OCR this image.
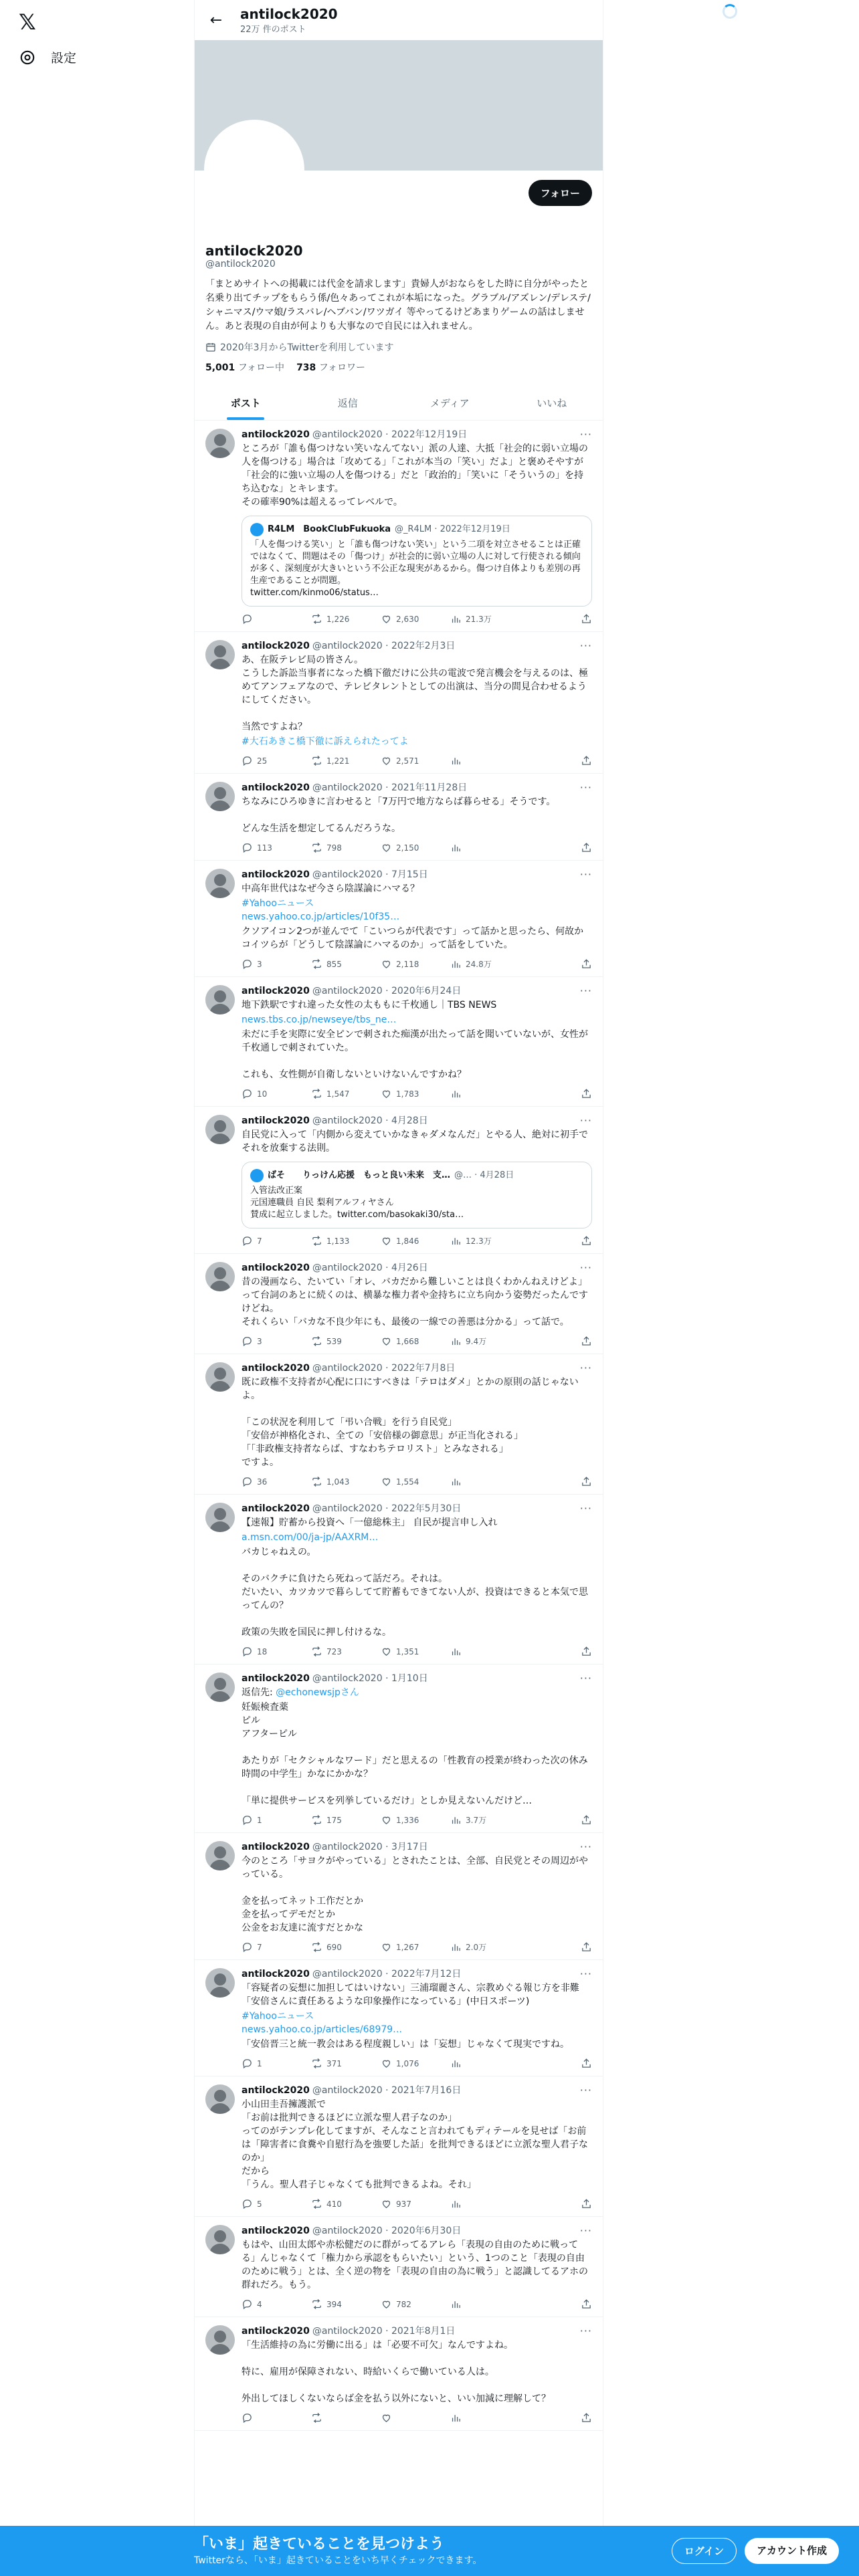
𝕏
設定
←	antilock2020
22万 件のポスト
フォロー
antilock2020
@antilock2020
「まとめサイトへの掲載には代金を請求します」貴婦人がおならをした時に自分がやったと名乗り出てチップをもらう係/色々あってこれが本垢になった。グラブル/アズレン/デレステ/シャニマス/ウマ娘/ラスバレ/ヘブバン/ワツガイ 等やってるけどあまりゲームの話はしません。あと表現の自由が何よりも大事なので自民には入れません。
2020年3月からTwitterを利用しています
5,001 フォロー中 738 フォロワー
ポスト	返信	メディア	いいね
antilock2020 @antilock2020 · 2022年12月19日	···
ところが「誰も傷つけない笑いなんてない」派の人達、大抵「社会的に弱い立場の人を傷つける」場合は「攻めてる」「これが本当の「笑い」だよ」と褒めそやすが「社会的に強い立場の人を傷つける」だと「政治的」「笑いに「そういうの」を持ち込むな」とキレます。
その確率90%は超えるってレベルで。
R4LM　BookClubFukuoka @_R4LM · 2022年12月19日
「人を傷つける笑い」と「誰も傷つけない笑い」という二項を対立させることは正確ではなくて、問題はその「傷つけ」が社会的に弱い立場の人に対して行使される傾向が多く、深刻度が大きいという不公正な現実があるから。傷つけ自体よりも差別の再生産であることが問題。
twitter.com/kinmo06/status…
1,226	2,630	21.3万
antilock2020 @antilock2020 · 2022年2月3日	···
あ、在阪テレビ局の皆さん。
こうした訴訟当事者になった橋下徹だけに公共の電波で発言機会を与えるのは、極めてアンフェアなので、テレビタレントとしての出演は、当分の間見合わせるようにしてください。

当然ですよね？
#大石あきこ橋下徹に訴えられたってよ
25	1,221	2,571
antilock2020 @antilock2020 · 2021年11月28日	···
ちなみにひろゆきに言わせると「7万円で地方ならば暮らせる」そうです。

どんな生活を想定してるんだろうな。
113	798	2,150
antilock2020 @antilock2020 · 7月15日	···
中高年世代はなぜ今さら陰謀論にハマる？
#Yahooニュース
news.yahoo.co.jp/articles/10f35…
クソアイコン2つが並んでて「こいつらが代表です」って話かと思ったら、何故かコイツらが「どうして陰謀論にハマるのか」って話をしていた。
3	855	2,118	24.8万
antilock2020 @antilock2020 · 2020年6月24日	···
地下鉄駅ですれ違った女性の太ももに千枚通し｜TBS NEWS
news.tbs.co.jp/newseye/tbs_ne…
未だに手を実際に安全ピンで刺された痴漢が出たって話を聞いていないが、女性が千枚通しで刺されていた。

これも、女性側が自衛しないといけないんですかね？
10	1,547	1,783
antilock2020 @antilock2020 · 4月28日	···
自民党に入って「内側から変えていかなきゃダメなんだ」とやる人、絶対に初手でそれを放棄する法則。
ばそ　　りっけん応援　もっと良い未来　支… @… · 4月28日
入管法改正案
元国連職員 自民 梨利アルフィヤさん
賛成に起立しました。twitter.com/basokaki30/sta…
7	1,133	1,846	12.3万
antilock2020 @antilock2020 · 4月26日	···
昔の漫画なら、たいてい「オレ、バカだから難しいことは良くわかんねえけどよ」って台詞のあとに続くのは、横暴な権力者や金持ちに立ち向かう姿勢だったんですけどね。
それくらい「バカな不良少年にも、最後の一線での善悪は分かる」って話で。
3	539	1,668	9.4万
antilock2020 @antilock2020 · 2022年7月8日	···
既に政権不支持者が心配に口にすべきは「テロはダメ」とかの原則の話じゃないよ。

「この状況を利用して「弔い合戦」を行う自民党」
「安倍が神格化され、全ての「安倍様の御意思」が正当化される」
「「非政権支持者ならば、すなわちテロリスト」とみなされる」
ですよ。
36	1,043	1,554
antilock2020 @antilock2020 · 2022年5月30日	···
【速報】貯蓄から投資へ「一億総株主」 自民が提言申し入れ
a.msn.com/00/ja-jp/AAXRM…
バカじゃねえの。

そのバクチに負けたら死ねって話だろ。それは。
だいたい、カツカツで暮らしてて貯蓄もできてない人が、投資はできると本気で思ってんの？

政策の失敗を国民に押し付けるな。
18	723	1,351
antilock2020 @antilock2020 · 1月10日	···
返信先: @echonewsjpさん
妊娠検査薬
ピル
アフターピル

あたりが「セクシャルなワード」だと思えるの「性教育の授業が終わった次の休み時間の中学生」かなにかかな？

「単に提供サービスを列挙しているだけ」としか見えないんだけど…
1	175	1,336	3.7万
antilock2020 @antilock2020 · 3月17日	···
今のところ「サヨクがやっている」とされたことは、全部、自民党とその周辺がやっている。

金を払ってネット工作だとか
金を払ってデモだとか
公金をお友達に流すだとかな
7	690	1,267	2.0万
antilock2020 @antilock2020 · 2022年7月12日	···
「容疑者の妄想に加担してはいけない」三浦瑠麗さん、宗教めぐる報じ方を非難「安倍さんに責任あるような印象操作になっている」(中日スポーツ)
#Yahooニュース
news.yahoo.co.jp/articles/68979…
「安倍晋三と統一教会はある程度親しい」は「妄想」じゃなくて現実ですね。
1	371	1,076
antilock2020 @antilock2020 · 2021年7月16日	···
小山田圭吾擁護派で
「お前は批判できるほどに立派な聖人君子なのか」
ってのがテンプレ化してますが、そんなこと言われてもディテールを見せば「お前は「障害者に食糞や自慰行為を強要した話」を批判できるほどに立派な聖人君子なのか」
だから
「うん。聖人君子じゃなくても批判できるよね。それ」
5	410	937
antilock2020 @antilock2020 · 2020年6月30日	···
もはや、山田太郎や赤松健だのに群がってるアレら「表現の自由のために戦ってる」んじゃなくて「権力から承認をもらいたい」という、1つのこと「表現の自由のために戦う」とは、全く逆の物を「表現の自由の為に戦う」と認識してるアホの群れだろ。もう。
4	394	782
antilock2020 @antilock2020 · 2021年8月1日	···
「生活維持の為に労働に出る」は「必要不可欠」なんですよね。

特に、雇用が保障されない、時給いくらで働いている人は。

外出してほしくないならば金を払う以外にないと、いい加減に理解して？
「いま」起きていることを見つけよう
Twitterなら、「いま」起きていることをいち早くチェックできます。
ログイン	アカウント作成
